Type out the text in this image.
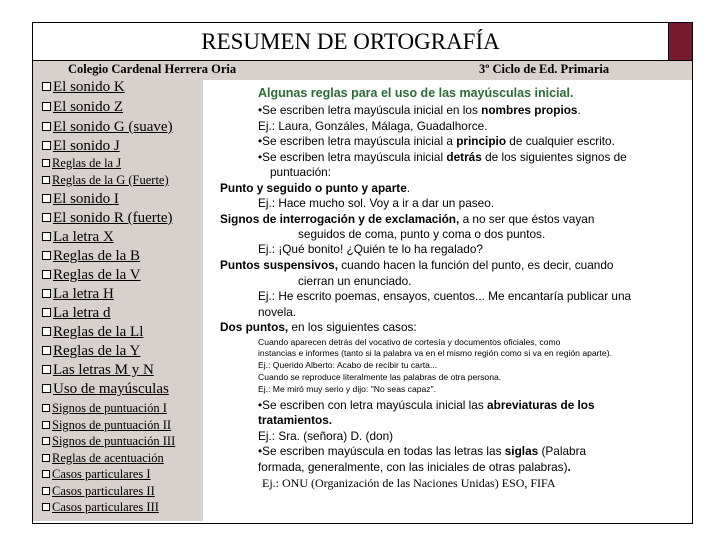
RESUMEN DE ORTOGRAFÍA
Colegio Cardenal Herrera Oria	3º Ciclo de Ed. Primaria
El sonido K
El sonido Z
El sonido G (suave)
El sonido J
Reglas de la J
Reglas de la G (Fuerte)
El sonido I
El sonido R (fuerte)
La letra X
Reglas de la B
Reglas de la V
La letra H
La letra d
Reglas de la Ll
Reglas de la Y
Las letras M y N
Uso de mayúsculas
Signos de puntuación I
Signos de puntuación II
Signos de puntuación III
Reglas de acentuación
Casos particulares I
Casos particulares II
Casos particulares III
Algunas reglas para el uso de las mayúsculas inicial.
•Se escriben letra mayúscula inicial en los nombres propios.
Ej.: Laura, Gonzáles, Málaga, Guadalhorce.
•Se escriben letra mayúscula inicial a principio de cualquier escrito.
•Se escriben letra mayúscula inicial detrás de los siguientes signos de
puntuación:
Punto y seguido o punto y aparte.
Ej.: Hace mucho sol. Voy a ir a dar un paseo.
Signos de interrogación y de exclamación, a no ser que éstos vayan
seguidos de coma, punto y coma o dos puntos.
Ej.: ¡Qué bonito! ¿Quién te lo ha regalado?
Puntos suspensivos, cuando hacen la función del punto, es decir, cuando
cierran un enunciado.
Ej.: He escrito poemas, ensayos, cuentos... Me encantaría publicar una
novela.
Dos puntos, en los siguientes casos:
Cuando aparecen detrás del vocativo de cortesía y documentos oficiales, como
instancias e informes (tanto si la palabra va en el mismo región como si va en región aparte).
Ej.: Querido Alberto: Acabo de recibir tu carta...
Cuando se reproduce literalmente las palabras de otra persona.
Ej.: Me miró muy serio y dijo: "No seas capaz".
•Se escriben con letra mayúscula inicial las abreviaturas de los
tratamientos.
Ej.: Sra. (señora) D. (don)
•Se escriben mayúscula en todas las letras las siglas (Palabra
formada, generalmente, con las iniciales de otras palabras).
Ej.: ONU (Organización de las Naciones Unidas) ESO, FIFA
